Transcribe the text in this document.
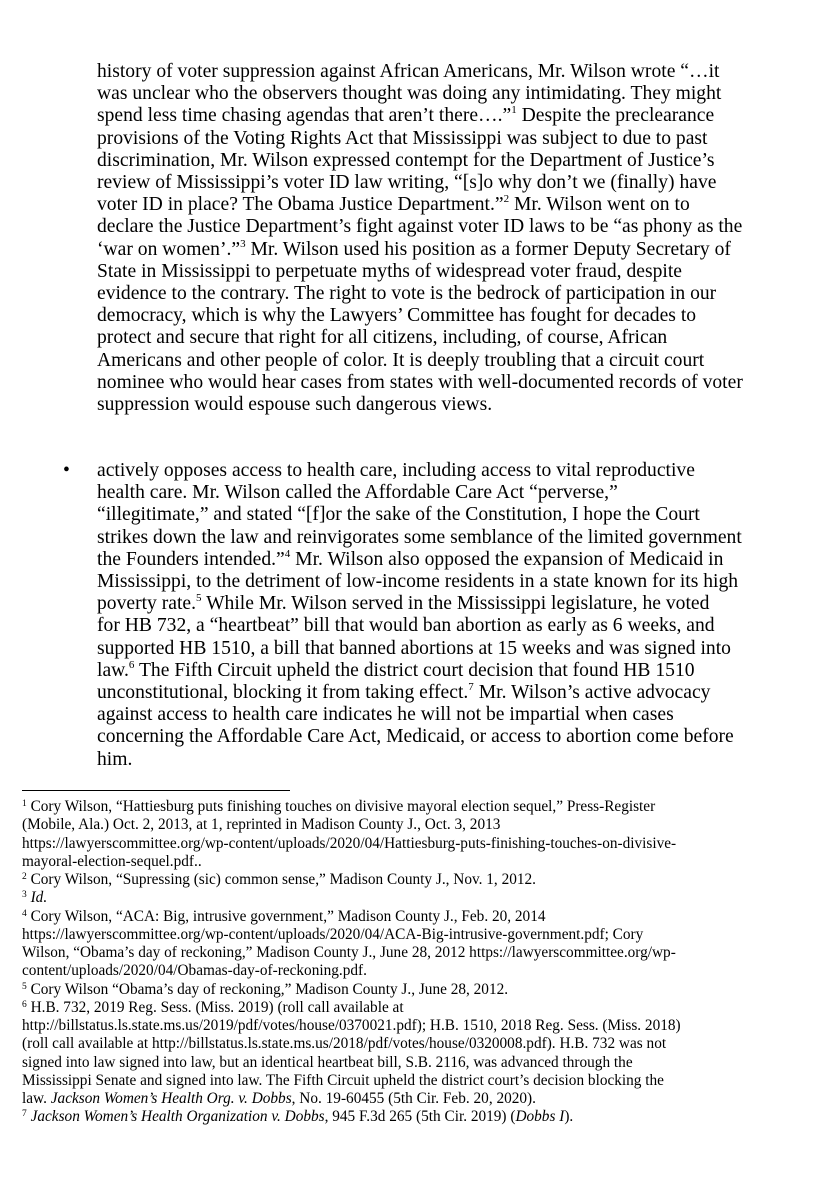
history of voter suppression against African Americans, Mr. Wilson wrote “…it
was unclear who the observers thought was doing any intimidating. They might
spend less time chasing agendas that aren’t there….”$^1$ Despite the preclearance
provisions of the Voting Rights Act that Mississippi was subject to due to past
discrimination, Mr. Wilson expressed contempt for the Department of Justice’s
review of Mississippi’s voter ID law writing, “[s]o why don’t we (finally) have
voter ID in place? The Obama Justice Department.”$^2$ Mr. Wilson went on to
declare the Justice Department’s fight against voter ID laws to be “as phony as the
‘war on women’.”$^3$ Mr. Wilson used his position as a former Deputy Secretary of
State in Mississippi to perpetuate myths of widespread voter fraud, despite
evidence to the contrary. The right to vote is the bedrock of participation in our
democracy, which is why the Lawyers’ Committee has fought for decades to
protect and secure that right for all citizens, including, of course, African
Americans and other people of color. It is deeply troubling that a circuit court
nominee who would hear cases from states with well-documented records of voter
suppression would espouse such dangerous views.
• actively opposes access to health care, including access to vital reproductive
health care. Mr. Wilson called the Affordable Care Act “perverse,”
“illegitimate,” and stated “[f]or the sake of the Constitution, I hope the Court
strikes down the law and reinvigorates some semblance of the limited government
the Founders intended.”$^4$ Mr. Wilson also opposed the expansion of Medicaid in
Mississippi, to the detriment of low-income residents in a state known for its high
poverty rate.$^5$ While Mr. Wilson served in the Mississippi legislature, he voted
for HB 732, a “heartbeat” bill that would ban abortion as early as 6 weeks, and
supported HB 1510, a bill that banned abortions at 15 weeks and was signed into
law.$^6$ The Fifth Circuit upheld the district court decision that found HB 1510
unconstitutional, blocking it from taking effect.$^7$ Mr. Wilson’s active advocacy
against access to health care indicates he will not be impartial when cases
concerning the Affordable Care Act, Medicaid, or access to abortion come before
him.
$^1$ Cory Wilson, “Hattiesburg puts finishing touches on divisive mayoral election sequel,” Press-Register
(Mobile, Ala.) Oct. 2, 2013, at 1, reprinted in Madison County J., Oct. 3, 2013
https://lawyerscommittee.org/wp-content/uploads/2020/04/Hattiesburg-puts-finishing-touches-on-divisive-
mayoral-election-sequel.pdf..
$^2$ Cory Wilson, “Supressing (sic) common sense,” Madison County J., Nov. 1, 2012.
$^3$ Id.
$^4$ Cory Wilson, “ACA: Big, intrusive government,” Madison County J., Feb. 20, 2014
https://lawyerscommittee.org/wp-content/uploads/2020/04/ACA-Big-intrusive-government.pdf; Cory
Wilson, “Obama’s day of reckoning,” Madison County J., June 28, 2012 https://lawyerscommittee.org/wp-
content/uploads/2020/04/Obamas-day-of-reckoning.pdf.
$^5$ Cory Wilson “Obama’s day of reckoning,” Madison County J., June 28, 2012.
$^6$ H.B. 732, 2019 Reg. Sess. (Miss. 2019) (roll call available at
http://billstatus.ls.state.ms.us/2019/pdf/votes/house/0370021.pdf); H.B. 1510, 2018 Reg. Sess. (Miss. 2018)
(roll call available at http://billstatus.ls.state.ms.us/2018/pdf/votes/house/0320008.pdf). H.B. 732 was not
signed into law signed into law, but an identical heartbeat bill, S.B. 2116, was advanced through the
Mississippi Senate and signed into law. The Fifth Circuit upheld the district court’s decision blocking the
law. Jackson Women’s Health Org. v. Dobbs, No. 19-60455 (5th Cir. Feb. 20, 2020).
$^7$ Jackson Women’s Health Organization v. Dobbs, 945 F.3d 265 (5th Cir. 2019) (Dobbs I).
